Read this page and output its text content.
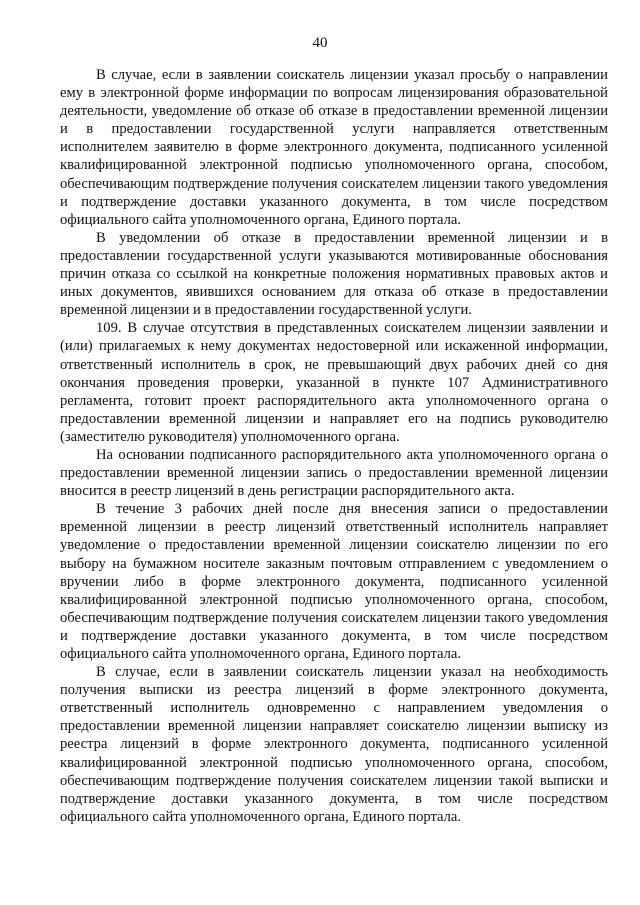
40

В случае, если в заявлении соискатель лицензии указал просьбу о направлении ему в электронной форме информации по вопросам лицензирования образовательной деятельности, уведомление об отказе об отказе в предоставлении временной лицензии и в предоставлении государственной услуги направляется ответственным исполнителем заявителю в форме электронного документа, подписанного усиленной квалифицированной электронной подписью уполномоченного органа, способом, обеспечивающим подтверждение получения соискателем лицензии такого уведомления и подтверждение доставки указанного документа, в том числе посредством официального сайта уполномоченного органа, Единого портала.

В уведомлении об отказе в предоставлении временной лицензии и в предоставлении государственной услуги указываются мотивированные обоснования причин отказа со ссылкой на конкретные положения нормативных правовых актов и иных документов, явившихся основанием для отказа об отказе в предоставлении временной лицензии и в предоставлении государственной услуги.

109. В случае отсутствия в представленных соискателем лицензии заявлении и (или) прилагаемых к нему документах недостоверной или искаженной информации, ответственный исполнитель в срок, не превышающий двух рабочих дней со дня окончания проведения проверки, указанной в пункте 107 Административного регламента, готовит проект распорядительного акта уполномоченного органа о предоставлении временной лицензии и направляет его на подпись руководителю (заместителю руководителя) уполномоченного органа.

На основании подписанного распорядительного акта уполномоченного органа о предоставлении временной лицензии запись о предоставлении временной лицензии вносится в реестр лицензий в день регистрации распорядительного акта.

В течение 3 рабочих дней после дня внесения записи о предоставлении временной лицензии в реестр лицензий ответственный исполнитель направляет уведомление о предоставлении временной лицензии соискателю лицензии по его выбору на бумажном носителе заказным почтовым отправлением с уведомлением о вручении либо в форме электронного документа, подписанного усиленной квалифицированной электронной подписью уполномоченного органа, способом, обеспечивающим подтверждение получения соискателем лицензии такого уведомления и подтверждение доставки указанного документа, в том числе посредством официального сайта уполномоченного органа, Единого портала.

В случае, если в заявлении соискатель лицензии указал на необходимость получения выписки из реестра лицензий в форме электронного документа, ответственный исполнитель одновременно с направлением уведомления о предоставлении временной лицензии направляет соискателю лицензии выписку из реестра лицензий в форме электронного документа, подписанного усиленной квалифицированной электронной подписью уполномоченного органа, способом, обеспечивающим подтверждение получения соискателем лицензии такой выписки и подтверждение доставки указанного документа, в том числе посредством официального сайта уполномоченного органа, Единого портала.
